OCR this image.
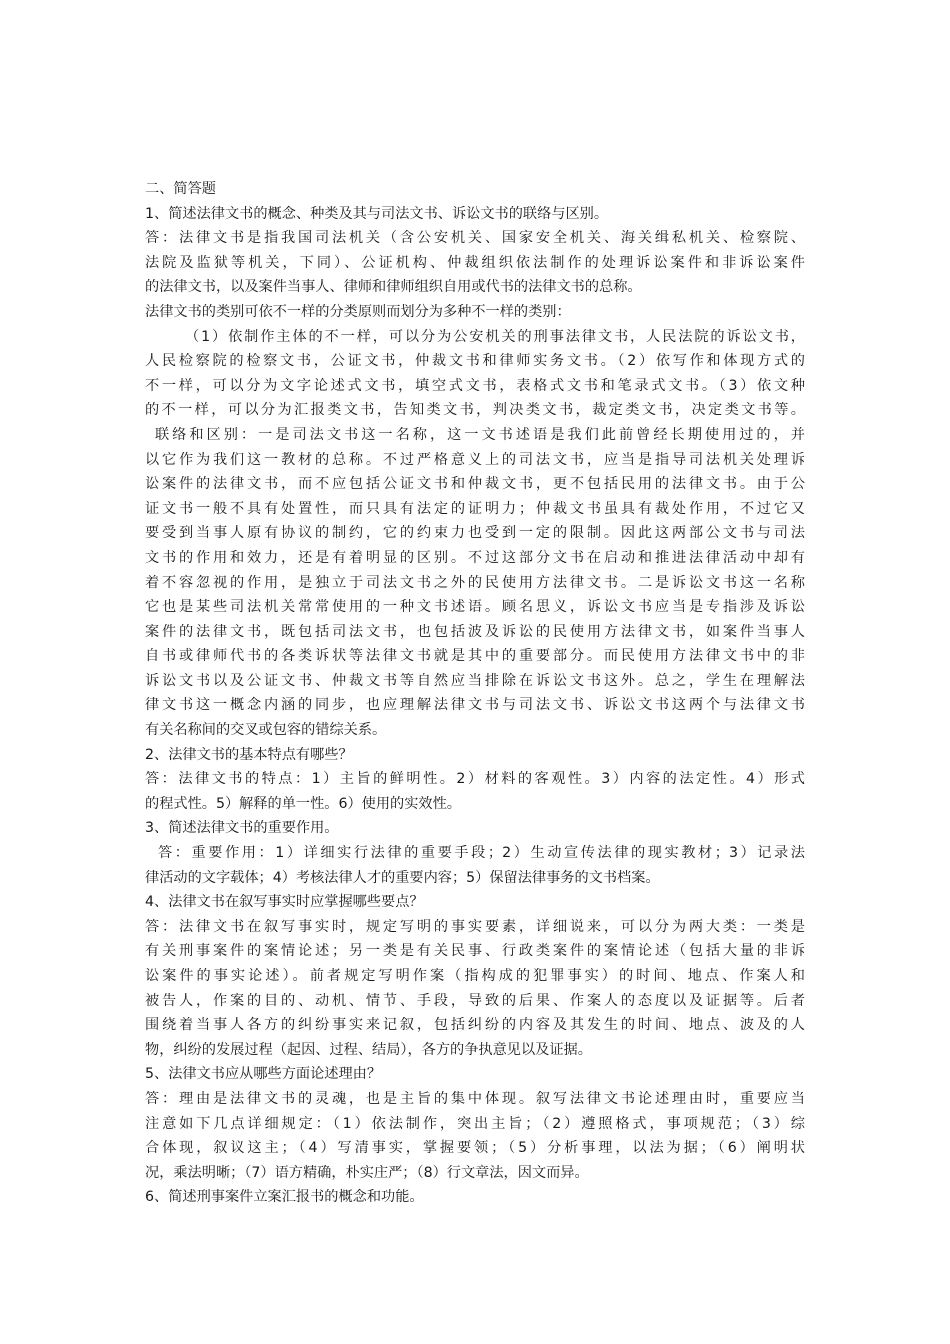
二、简答题
1、简述法律文书的概念、种类及其与司法文书、诉讼文书的联络与区别。
答：法律文书是指我国司法机关（含公安机关、国家安全机关、海关缉私机关、检察院、
法院及监狱等机关，下同）、公证机构、仲裁组织依法制作的处理诉讼案件和非诉讼案件
的法律文书，以及案件当事人、律师和律师组织自用或代书的法律文书的总称。
法律文书的类别可依不一样的分类原则而划分为多种不一样的类别：
（1）依制作主体的不一样，可以分为公安机关的刑事法律文书，人民法院的诉讼文书，
人民检察院的检察文书，公证文书，仲裁文书和律师实务文书。（2）依写作和体现方式的
不一样，可以分为文字论述式文书，填空式文书，表格式文书和笔录式文书。（3）依文种
的不一样，可以分为汇报类文书，告知类文书，判决类文书，裁定类文书，决定类文书等。
联络和区别：一是司法文书这一名称，这一文书述语是我们此前曾经长期使用过的，并
以它作为我们这一教材的总称。不过严格意义上的司法文书，应当是指导司法机关处理诉
讼案件的法律文书，而不应包括公证文书和仲裁文书，更不包括民用的法律文书。由于公
证文书一般不具有处置性，而只具有法定的证明力；仲裁文书虽具有裁处作用，不过它又
要受到当事人原有协议的制约，它的约束力也受到一定的限制。因此这两部公文书与司法
文书的作用和效力，还是有着明显的区别。不过这部分文书在启动和推进法律活动中却有
着不容忽视的作用，是独立于司法文书之外的民使用方法律文书。二是诉讼文书这一名称
它也是某些司法机关常常使用的一种文书述语。顾名思义，诉讼文书应当是专指涉及诉讼
案件的法律文书，既包括司法文书，也包括波及诉讼的民使用方法律文书，如案件当事人
自书或律师代书的各类诉状等法律文书就是其中的重要部分。而民使用方法律文书中的非
诉讼文书以及公证文书、仲裁文书等自然应当排除在诉讼文书这外。总之，学生在理解法
律文书这一概念内涵的同步，也应理解法律文书与司法文书、诉讼文书这两个与法律文书
有关名称间的交叉或包容的错综关系。
2、法律文书的基本特点有哪些？
答：法律文书的特点：1）主旨的鲜明性。2）材料的客观性。3）内容的法定性。4）形式
的程式性。5）解释的单一性。6）使用的实效性。
3、简述法律文书的重要作用。
答：重要作用：1）详细实行法律的重要手段；2）生动宣传法律的现实教材；3）记录法
律活动的文字载体；4）考核法律人才的重要内容；5）保留法律事务的文书档案。
4、法律文书在叙写事实时应掌握哪些要点？
答：法律文书在叙写事实时，规定写明的事实要素，详细说来，可以分为两大类：一类是
有关刑事案件的案情论述；另一类是有关民事、行政类案件的案情论述（包括大量的非诉
讼案件的事实论述）。前者规定写明作案（指构成的犯罪事实）的时间、地点、作案人和
被告人，作案的目的、动机、情节、手段，导致的后果、作案人的态度以及证据等。后者
围绕着当事人各方的纠纷事实来记叙，包括纠纷的内容及其发生的时间、地点、波及的人
物，纠纷的发展过程（起因、过程、结局），各方的争执意见以及证据。
5、法律文书应从哪些方面论述理由？
答：理由是法律文书的灵魂，也是主旨的集中体现。叙写法律文书论述理由时，重要应当
注意如下几点详细规定：（1）依法制作，突出主旨；（2）遵照格式，事项规范；（3）综
合体现，叙议这主；（4）写清事实，掌握要领；（5）分析事理，以法为据；（6）阐明状
况，乘法明晰；（7）语方精确，朴实庄严；（8）行文章法，因文而异。
6、简述刑事案件立案汇报书的概念和功能。
